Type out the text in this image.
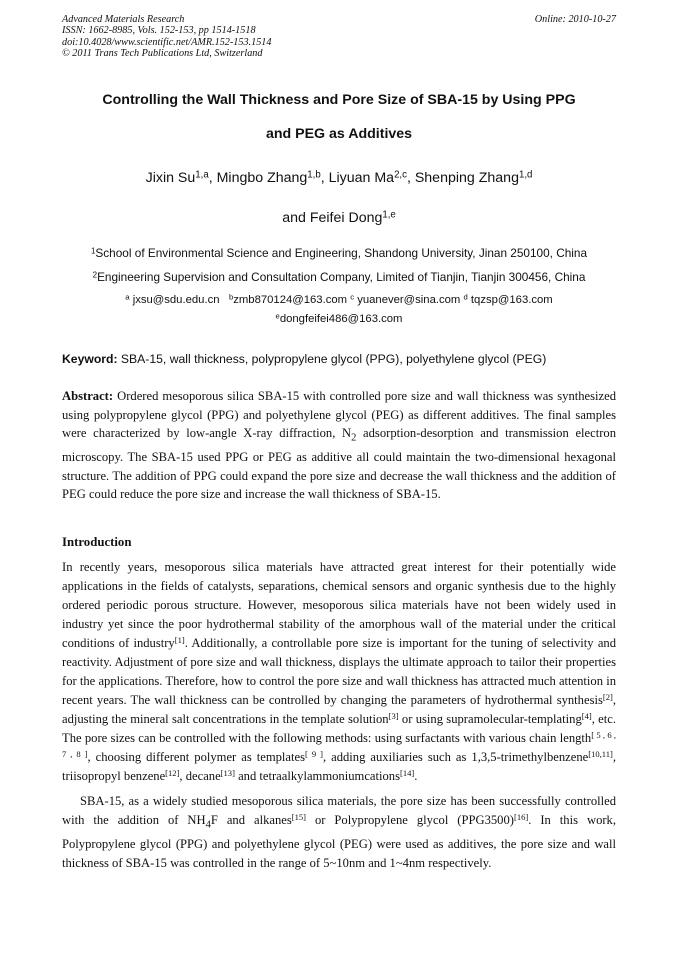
Advanced Materials Research
ISSN: 1662-8985, Vols. 152-153, pp 1514-1518
doi:10.4028/www.scientific.net/AMR.152-153.1514
© 2011 Trans Tech Publications Ltd, Switzerland
Online: 2010-10-27
Controlling the Wall Thickness and Pore Size of SBA-15 by Using PPG
and PEG as Additives
Jixin Su$^{1,a}$, Mingbo Zhang$^{1,b}$, Liyuan Ma$^{2,c}$, Shenping Zhang$^{1,d}$
and Feifei Dong$^{1,e}$
$^1$School of Environmental Science and Engineering, Shandong University, Jinan 250100, China
$^2$Engineering Supervision and Consultation Company, Limited of Tianjin, Tianjin 300456, China
$^a$ jxsu@sdu.edu.cn $^b$zmb870124@163.com $^c$ yuanever@sina.com $^d$ tqzsp@163.com
$^e$dongfeifei486@163.com
Keyword: SBA-15, wall thickness, polypropylene glycol (PPG), polyethylene glycol (PEG)
Abstract: Ordered mesoporous silica SBA-15 with controlled pore size and wall thickness was synthesized using polypropylene glycol (PPG) and polyethylene glycol (PEG) as different additives. The final samples were characterized by low-angle X-ray diffraction, $N_2$ adsorption-desorption and transmission electron microscopy. The SBA-15 used PPG or PEG as additive all could maintain the two-dimensional hexagonal structure. The addition of PPG could expand the pore size and decrease the wall thickness and the addition of PEG could reduce the pore size and increase the wall thickness of SBA-15.
Introduction
In recently years, mesoporous silica materials have attracted great interest for their potentially wide applications in the fields of catalysts, separations, chemical sensors and organic synthesis due to the highly ordered periodic porous structure. However, mesoporous silica materials have not been widely used in industry yet since the poor hydrothermal stability of the amorphous wall of the material under the critical conditions of industry[1]. Additionally, a controllable pore size is important for the tuning of selectivity and reactivity. Adjustment of pore size and wall thickness, displays the ultimate approach to tailor their properties for the applications. Therefore, how to control the pore size and wall thickness has attracted much attention in recent years. The wall thickness can be controlled by changing the parameters of hydrothermal synthesis[2], adjusting the mineral salt concentrations in the template solution[3] or using supramolecular-templating[4], etc. The pore sizes can be controlled with the following methods: using surfactants with various chain length[ 5 , 6 , 7 , 8 ], choosing different polymer as templates[ 9 ], adding auxiliaries such as 1,3,5-trimethylbenzene[10,11], triisopropyl benzene[12], decane[13] and tetraalkylammoniumcations[14].
SBA-15, as a widely studied mesoporous silica materials, the pore size has been successfully controlled with the addition of $NH_4F$ and alkanes[15] or Polypropylene glycol (PPG3500)[16]. In this work, Polypropylene glycol (PPG) and polyethylene glycol (PEG) were used as additives, the pore size and wall thickness of SBA-15 was controlled in the range of 5~10nm and 1~4nm respectively.
